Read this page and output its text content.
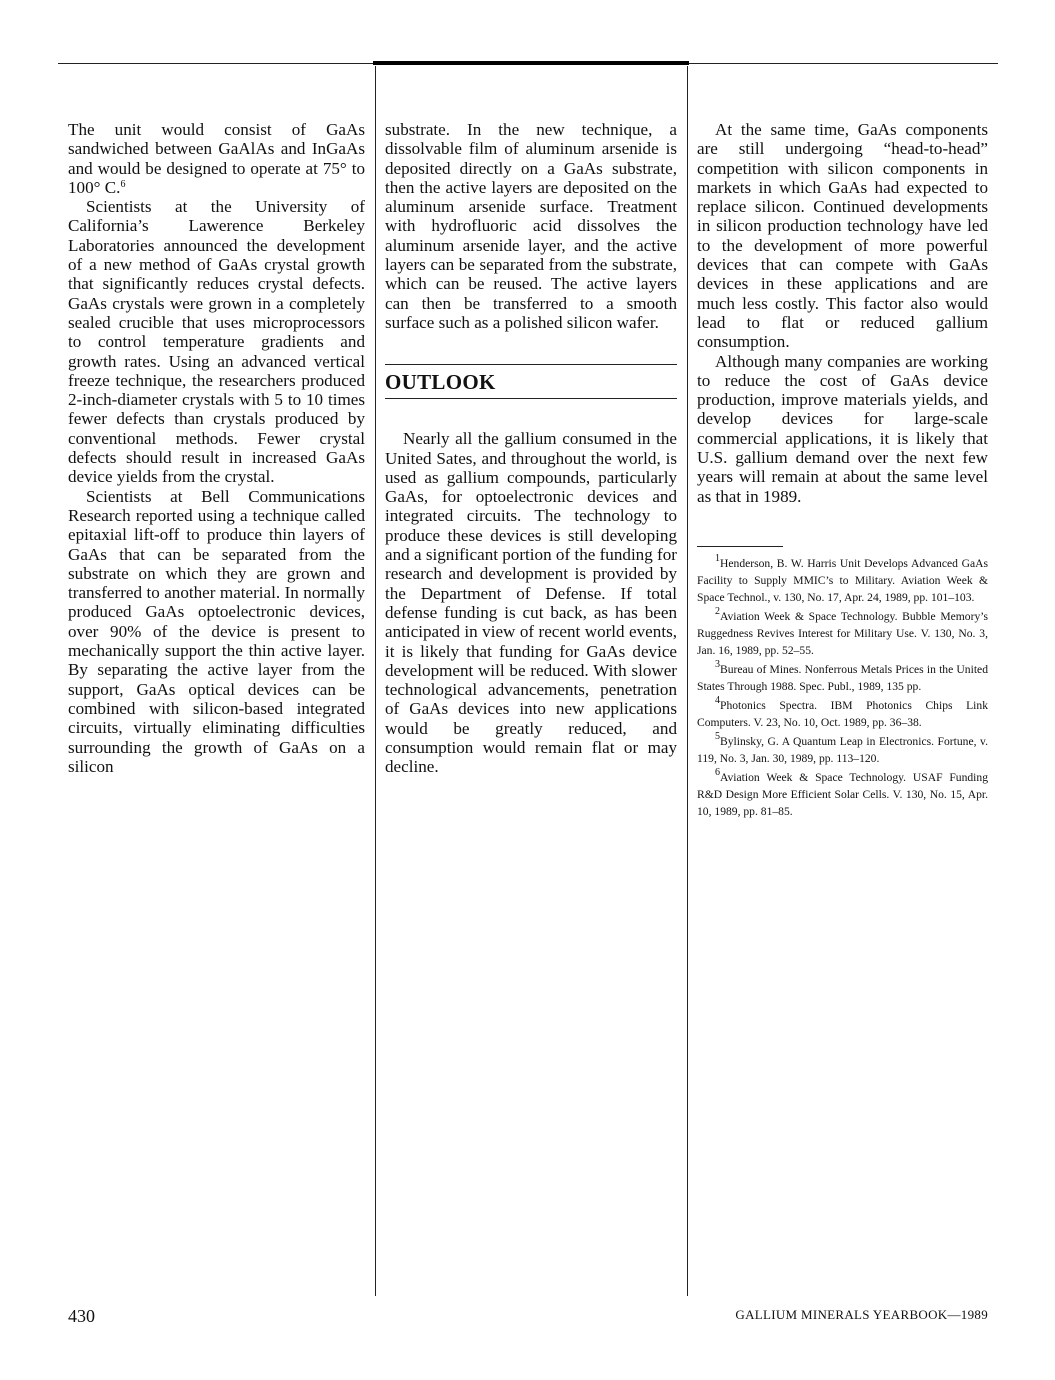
The unit would consist of GaAs sandwiched between GaAlAs and InGaAs and would be designed to operate at 75° to 100° C.$^6$

Scientists at the University of California’s Lawerence Berkeley Laboratories announced the development of a new method of GaAs crystal growth that significantly reduces crystal defects. GaAs crystals were grown in a completely sealed crucible that uses microprocessors to control temperature gradients and growth rates. Using an advanced vertical freeze technique, the researchers produced 2-inch-diameter crystals with 5 to 10 times fewer defects than crystals produced by conventional methods. Fewer crystal defects should result in increased GaAs device yields from the crystal.

Scientists at Bell Communications Research reported using a technique called epitaxial lift-off to produce thin layers of GaAs that can be separated from the substrate on which they are grown and transferred to another material. In normally produced GaAs optoelectronic devices, over 90% of the device is present to mechanically support the thin active layer. By separating the active layer from the support, GaAs optical devices can be combined with silicon-based integrated circuits, virtually eliminating difficulties surrounding the growth of GaAs on a silicon

substrate. In the new technique, a dissolvable film of aluminum arsenide is deposited directly on a GaAs substrate, then the active layers are deposited on the aluminum arsenide surface. Treatment with hydrofluoric acid dissolves the aluminum arsenide layer, and the active layers can be separated from the substrate, which can be reused. The active layers can then be transferred to a smooth surface such as a polished silicon wafer.

OUTLOOK

Nearly all the gallium consumed in the United Sates, and throughout the world, is used as gallium compounds, particularly GaAs, for optoelectronic devices and integrated circuits. The technology to produce these devices is still developing and a significant portion of the funding for research and development is provided by the Department of Defense. If total defense funding is cut back, as has been anticipated in view of recent world events, it is likely that funding for GaAs device development will be reduced. With slower technological advancements, penetration of GaAs devices into new applications would be greatly reduced, and consumption would remain flat or may decline.

At the same time, GaAs components are still undergoing “head-to-head” competition with silicon components in markets in which GaAs had expected to replace silicon. Continued developments in silicon production technology have led to the development of more powerful devices that can compete with GaAs devices in these applications and are much less costly. This factor also would lead to flat or reduced gallium consumption.

Although many companies are working to reduce the cost of GaAs device production, improve materials yields, and develop devices for large-scale commercial applications, it is likely that U.S. gallium demand over the next few years will remain at about the same level as that in 1989.

$^1$Henderson, B. W. Harris Unit Develops Advanced GaAs Facility to Supply MMIC’s to Military. Aviation Week & Space Technol., v. 130, No. 17, Apr. 24, 1989, pp. 101–103.

$^2$Aviation Week & Space Technology. Bubble Memory’s Ruggedness Revives Interest for Military Use. V. 130, No. 3, Jan. 16, 1989, pp. 52–55.

$^3$Bureau of Mines. Nonferrous Metals Prices in the United States Through 1988. Spec. Publ., 1989, 135 pp.

$^4$Photonics Spectra. IBM Photonics Chips Link Computers. V. 23, No. 10, Oct. 1989, pp. 36–38.

$^5$Bylinsky, G. A Quantum Leap in Electronics. Fortune, v. 119, No. 3, Jan. 30, 1989, pp. 113–120.

$^6$Aviation Week & Space Technology. USAF Funding R&D Design More Efficient Solar Cells. V. 130, No. 15, Apr. 10, 1989, pp. 81–85.

430	GALLIUM MINERALS YEARBOOK—1989
